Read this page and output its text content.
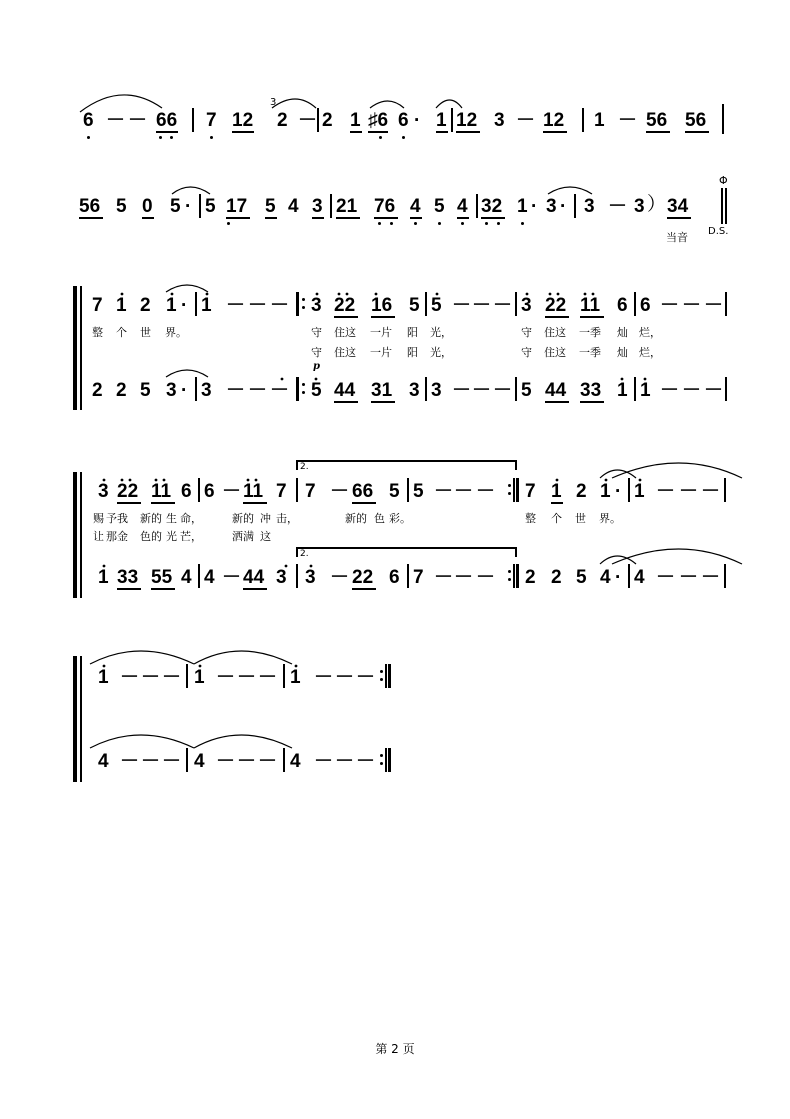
6 － － 66 7 12
3
2 － 2 1 ♯6 6 · 1 12 3 － 12 1 － 56 56
56 5 0 5 · 5 17 5 4 3 21 76 4 5 4 32 1 · 3 · 3 － 3 ） 34
当音
Φ
D.S.
7 1 2 1 · 1 － － － 3 22 16 5 5 － － － 3 22 11 6 6 － － －
整 个 世 界。	守 住这 一片 阳 光，	守 住这 一季 灿 烂，
守 住这 一片 阳 光，	守 住这 一季 灿 烂，
p
2 2 5 3 · 3 － － － 5 44 31 3 3 － － － 5 44 33 1 1 － － －
2.
2.
3 22 11 6 6 － 11 7 7 － 66 5 5 － － － 7 1 2 1 · 1 － － －
赐 予我 新的 生 命，	新的 冲 击，	新的 色 彩。	整 个 世 界。
让 那金 色的 光 芒，	洒满 这
1 33 55 4 4 － 44 3 3 － 22 6 7 － － － 2 2 5 4 · 4 － － －
1 － － － 1 － － － 1 － － －
4 － － － 4 － － － 4 － － －
第 2 页
